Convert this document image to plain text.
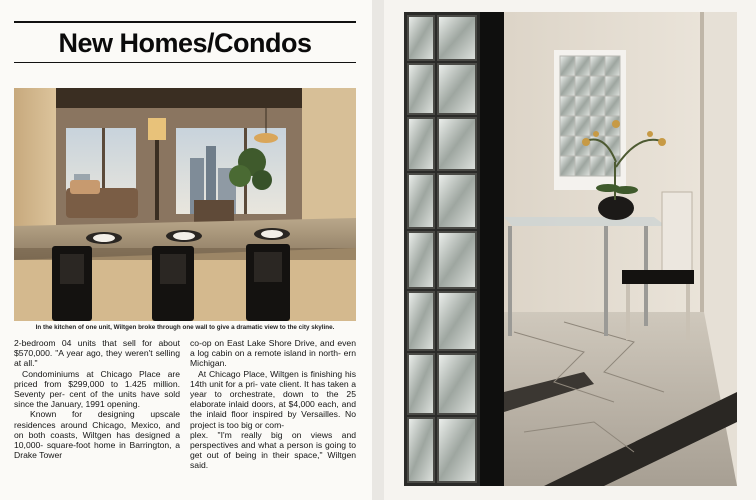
New Homes/Condos
In the kitchen of one unit, Wiltgen broke through one wall to give a dramatic view to the city skyline.

2-bedroom 04 units that sell for about $570,000. "A year ago, they weren't selling at all."

Condominiums at Chicago Place are priced from $299,000 to 1.425 million. Seventy per- cent of the units have sold since the January, 1991 opening.

Known for designing upscale residences around Chicago, Mexico, and on both coasts, Wiltgen has designed a 10,000- square-foot home in Barrington, a Drake Tower

co-op on East Lake Shore Drive, and even a log cabin on a remote island in north- ern Michigan.

At Chicago Place, Wiltgen is finishing his 14th unit for a pri- vate client. It has taken a year to orchestrate, down to the 25 elaborate inlaid doors, at $4,000 each, and the inlaid floor inspired by Versailles. No project is too big or com-

plex. "I'm really big on views and perspectives and what a person is going to get out of being in their space," Wiltgen said.
